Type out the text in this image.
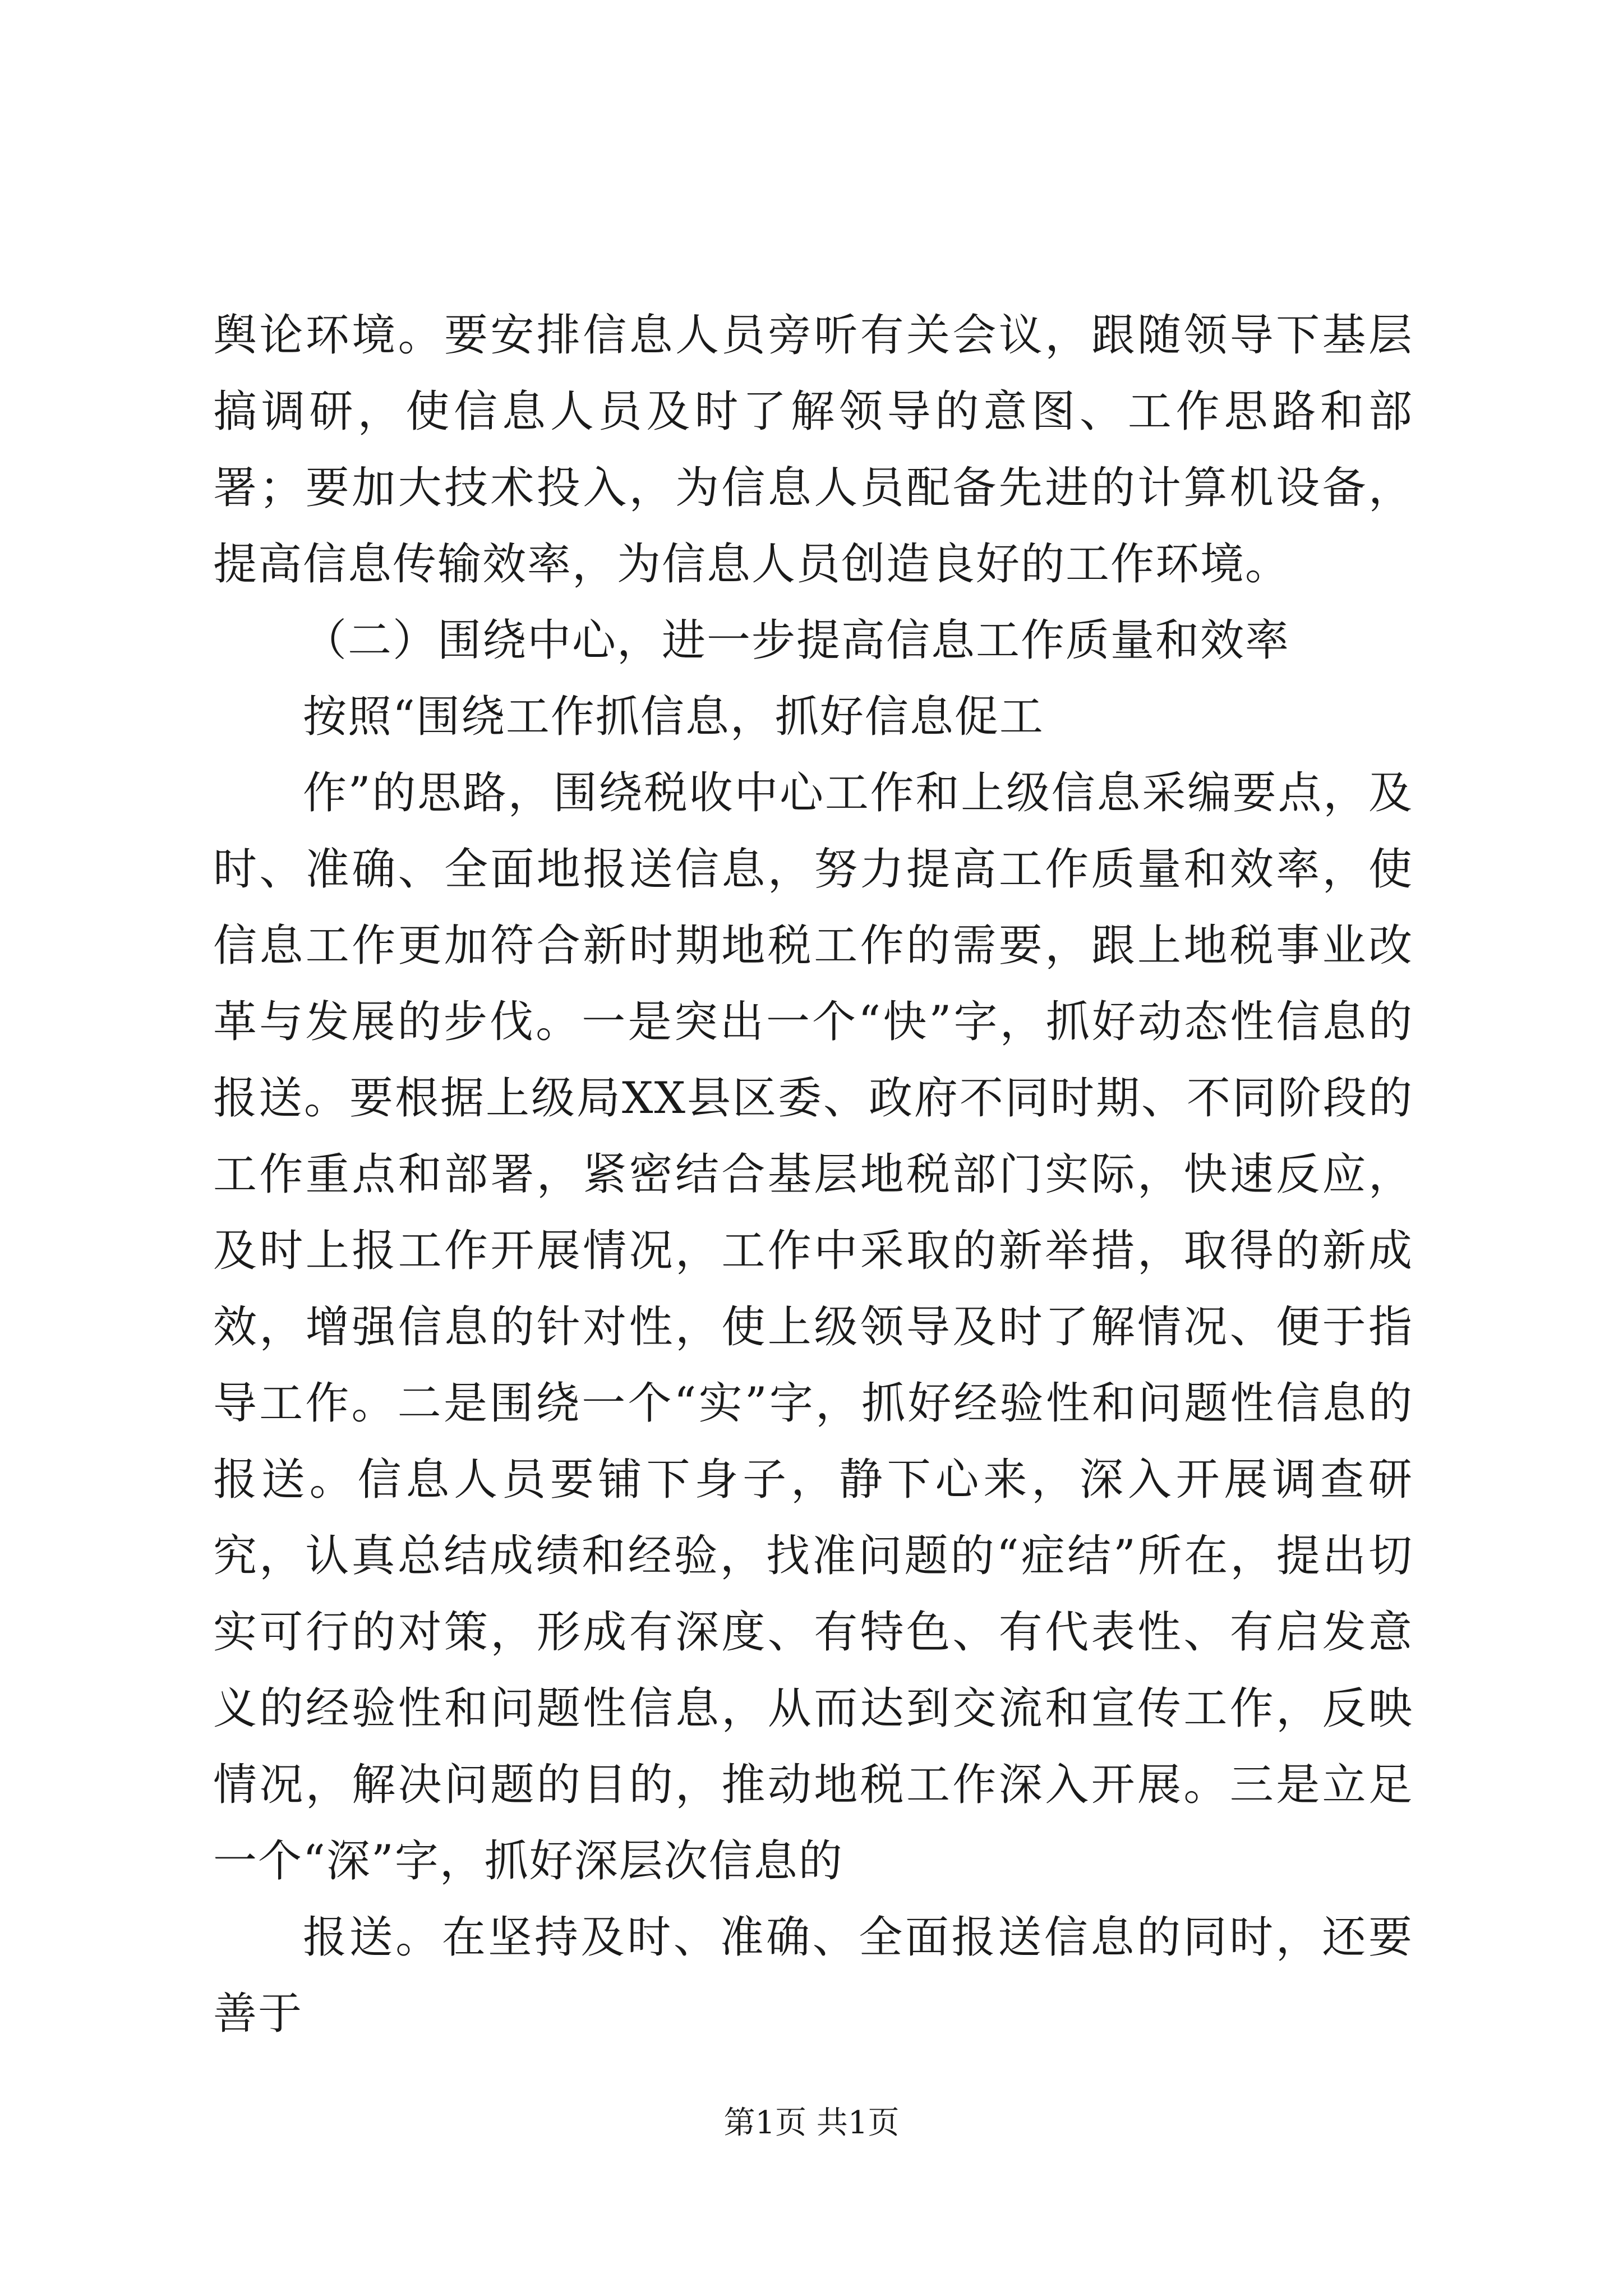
舆论环境。要安排信息人员旁听有关会议，跟随领导下基层搞调研，使信息人员及时了解领导的意图、工作思路和部署；要加大技术投入，为信息人员配备先进的计算机设备，提高信息传输效率，为信息人员创造良好的工作环境。

（二）围绕中心，进一步提高信息工作质量和效率

按照“围绕工作抓信息，抓好信息促工

作”的思路，围绕税收中心工作和上级信息采编要点，及时、准确、全面地报送信息，努力提高工作质量和效率，使信息工作更加符合新时期地税工作的需要，跟上地税事业改革与发展的步伐。一是突出一个“快”字，抓好动态性信息的报送。要根据上级局XX县区委、政府不同时期、不同阶段的工作重点和部署，紧密结合基层地税部门实际，快速反应，及时上报工作开展情况，工作中采取的新举措，取得的新成效，增强信息的针对性，使上级领导及时了解情况、便于指导工作。二是围绕一个“实”字，抓好经验性和问题性信息的报送。信息人员要铺下身子，静下心来，深入开展调查研究，认真总结成绩和经验，找准问题的“症结”所在，提出切实可行的对策，形成有深度、有特色、有代表性、有启发意义的经验性和问题性信息，从而达到交流和宣传工作，反映情况，解决问题的目的，推动地税工作深入开展。三是立足一个“深”字，抓好深层次信息的

报送。在坚持及时、准确、全面报送信息的同时，还要善于

第1页 共1页
